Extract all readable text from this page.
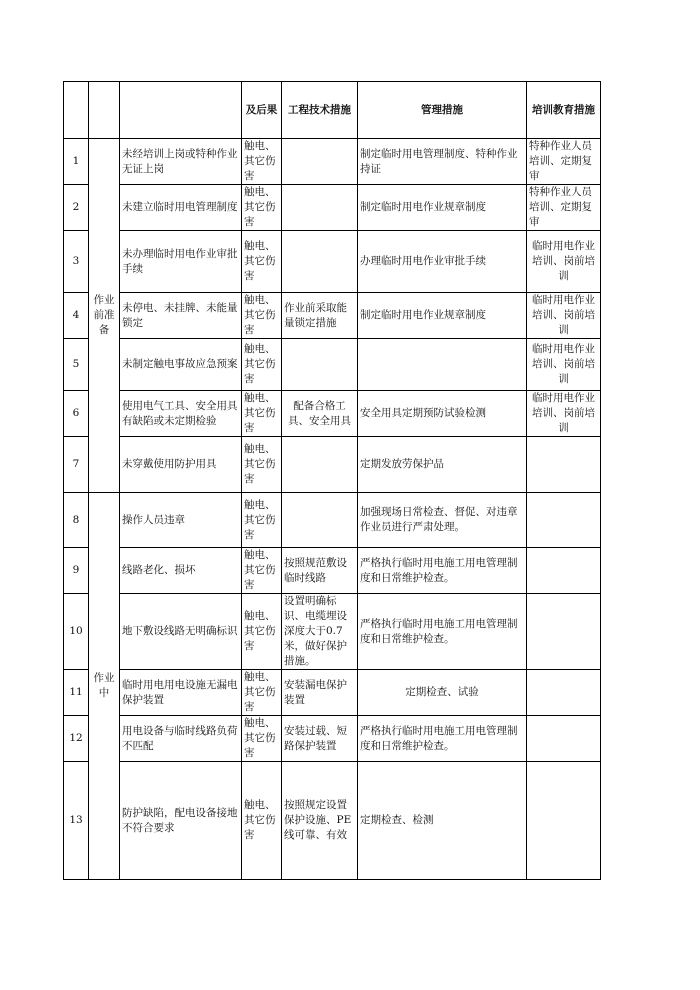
			及后果	工程技术措施	管理措施	培训教育措施
1	作业前准备	未经培训上岗或特种作业无证上岗	触电、其它伤害		制定临时用电管理制度、特种作业持证	特种作业人员培训、定期复审
2		未建立临时用电管理制度	触电、其它伤害		制定临时用电作业规章制度	特种作业人员培训、定期复审
3		未办理临时用电作业审批手续	触电、其它伤害		办理临时用电作业审批手续	临时用电作业培训、岗前培训
4		未停电、未挂牌、未能量锁定	触电、其它伤害	作业前采取能量锁定措施	制定临时用电作业规章制度	临时用电作业培训、岗前培训
5		未制定触电事故应急预案	触电、其它伤害			临时用电作业培训、岗前培训
6		使用电气工具、安全用具有缺陷或未定期检验	触电、其它伤害	配备合格工具、安全用具	安全用具定期预防试验检测	临时用电作业培训、岗前培训
7		未穿戴使用防护用具	触电、其它伤害		定期发放劳保护品	
8	作业中	操作人员违章	触电、其它伤害		加强现场日常检查、督促、对违章作业员进行严肃处理。	
9		线路老化、损坏	触电、其它伤害	按照规范敷设临时线路	严格执行临时用电施工用电管理制度和日常维护检查。	
10		地下敷设线路无明确标识	触电、其它伤害	设置明确标识、电缆埋设深度大于0.7米，做好保护措施。	严格执行临时用电施工用电管理制度和日常维护检查。	
11		临时用电用电设施无漏电保护装置	触电、其它伤害	安装漏电保护装置	定期检查、试验	
12		用电设备与临时线路负荷不匹配	触电、其它伤害	安装过载、短路保护装置	严格执行临时用电施工用电管理制度和日常维护检查。	
13		防护缺陷，配电设备接地不符合要求	触电、其它伤害	按照规定设置保护设施、PE线可靠、有效	定期检查、检测	
